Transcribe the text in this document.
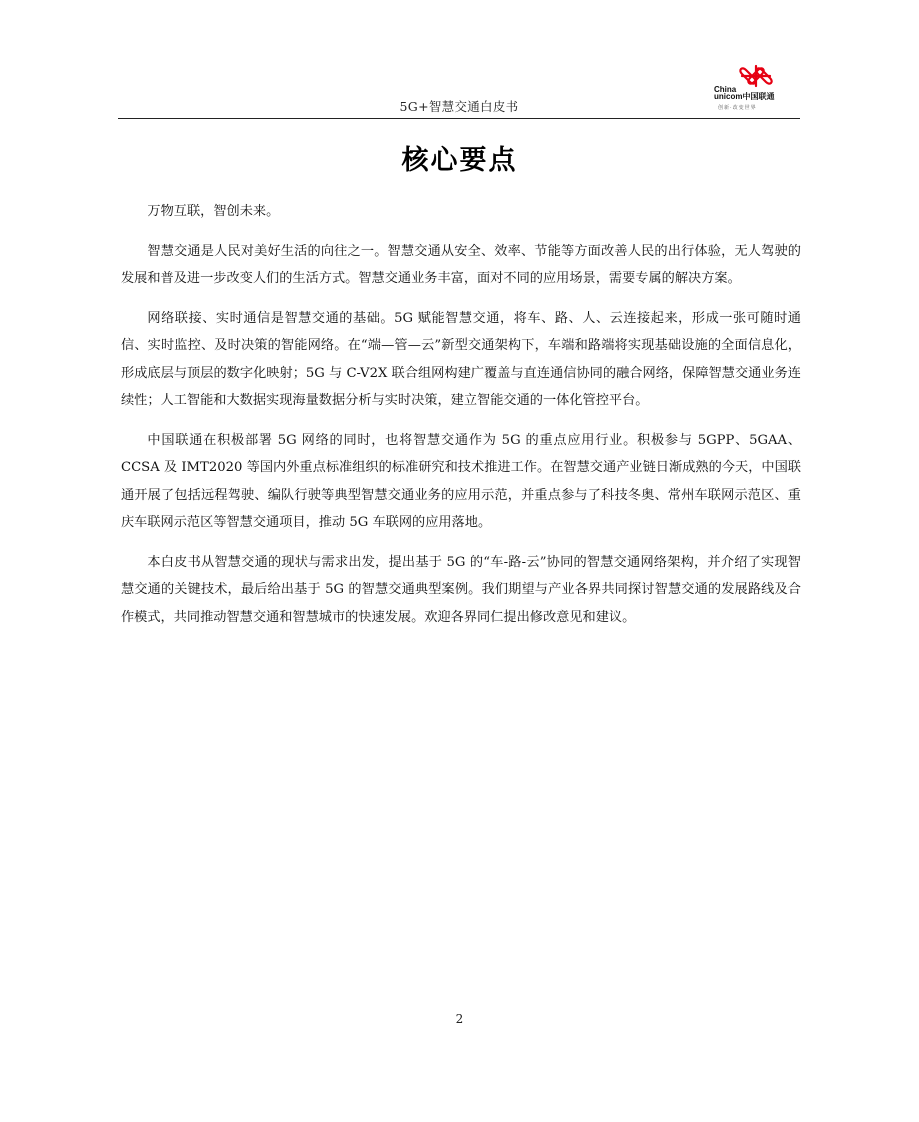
5G+智慧交通白皮书
China
unicom中国联通
创新·改变世界
核心要点

万物互联，智创未来。

智慧交通是人民对美好生活的向往之一。智慧交通从安全、效率、节能等方面改善人民的出行体验，无人驾驶的发展和普及进一步改变人们的生活方式。智慧交通业务丰富，面对不同的应用场景，需要专属的解决方案。

网络联接、实时通信是智慧交通的基础。5G 赋能智慧交通，将车、路、人、云连接起来，形成一张可随时通信、实时监控、及时决策的智能网络。在“端—管—云”新型交通架构下，车端和路端将实现基础设施的全面信息化，形成底层与顶层的数字化映射；5G 与 C-V2X 联合组网构建广覆盖与直连通信协同的融合网络，保障智慧交通业务连续性；人工智能和大数据实现海量数据分析与实时决策，建立智能交通的一体化管控平台。

中国联通在积极部署 5G 网络的同时，也将智慧交通作为 5G 的重点应用行业。积极参与 5GPP、5GAA、CCSA 及 IMT2020 等国内外重点标准组织的标准研究和技术推进工作。在智慧交通产业链日渐成熟的今天，中国联通开展了包括远程驾驶、编队行驶等典型智慧交通业务的应用示范，并重点参与了科技冬奥、常州车联网示范区、重庆车联网示范区等智慧交通项目，推动 5G 车联网的应用落地。

本白皮书从智慧交通的现状与需求出发，提出基于 5G 的“车-路-云”协同的智慧交通网络架构，并介绍了实现智慧交通的关键技术，最后给出基于 5G 的智慧交通典型案例。我们期望与产业各界共同探讨智慧交通的发展路线及合作模式，共同推动智慧交通和智慧城市的快速发展。欢迎各界同仁提出修改意见和建议。

2
